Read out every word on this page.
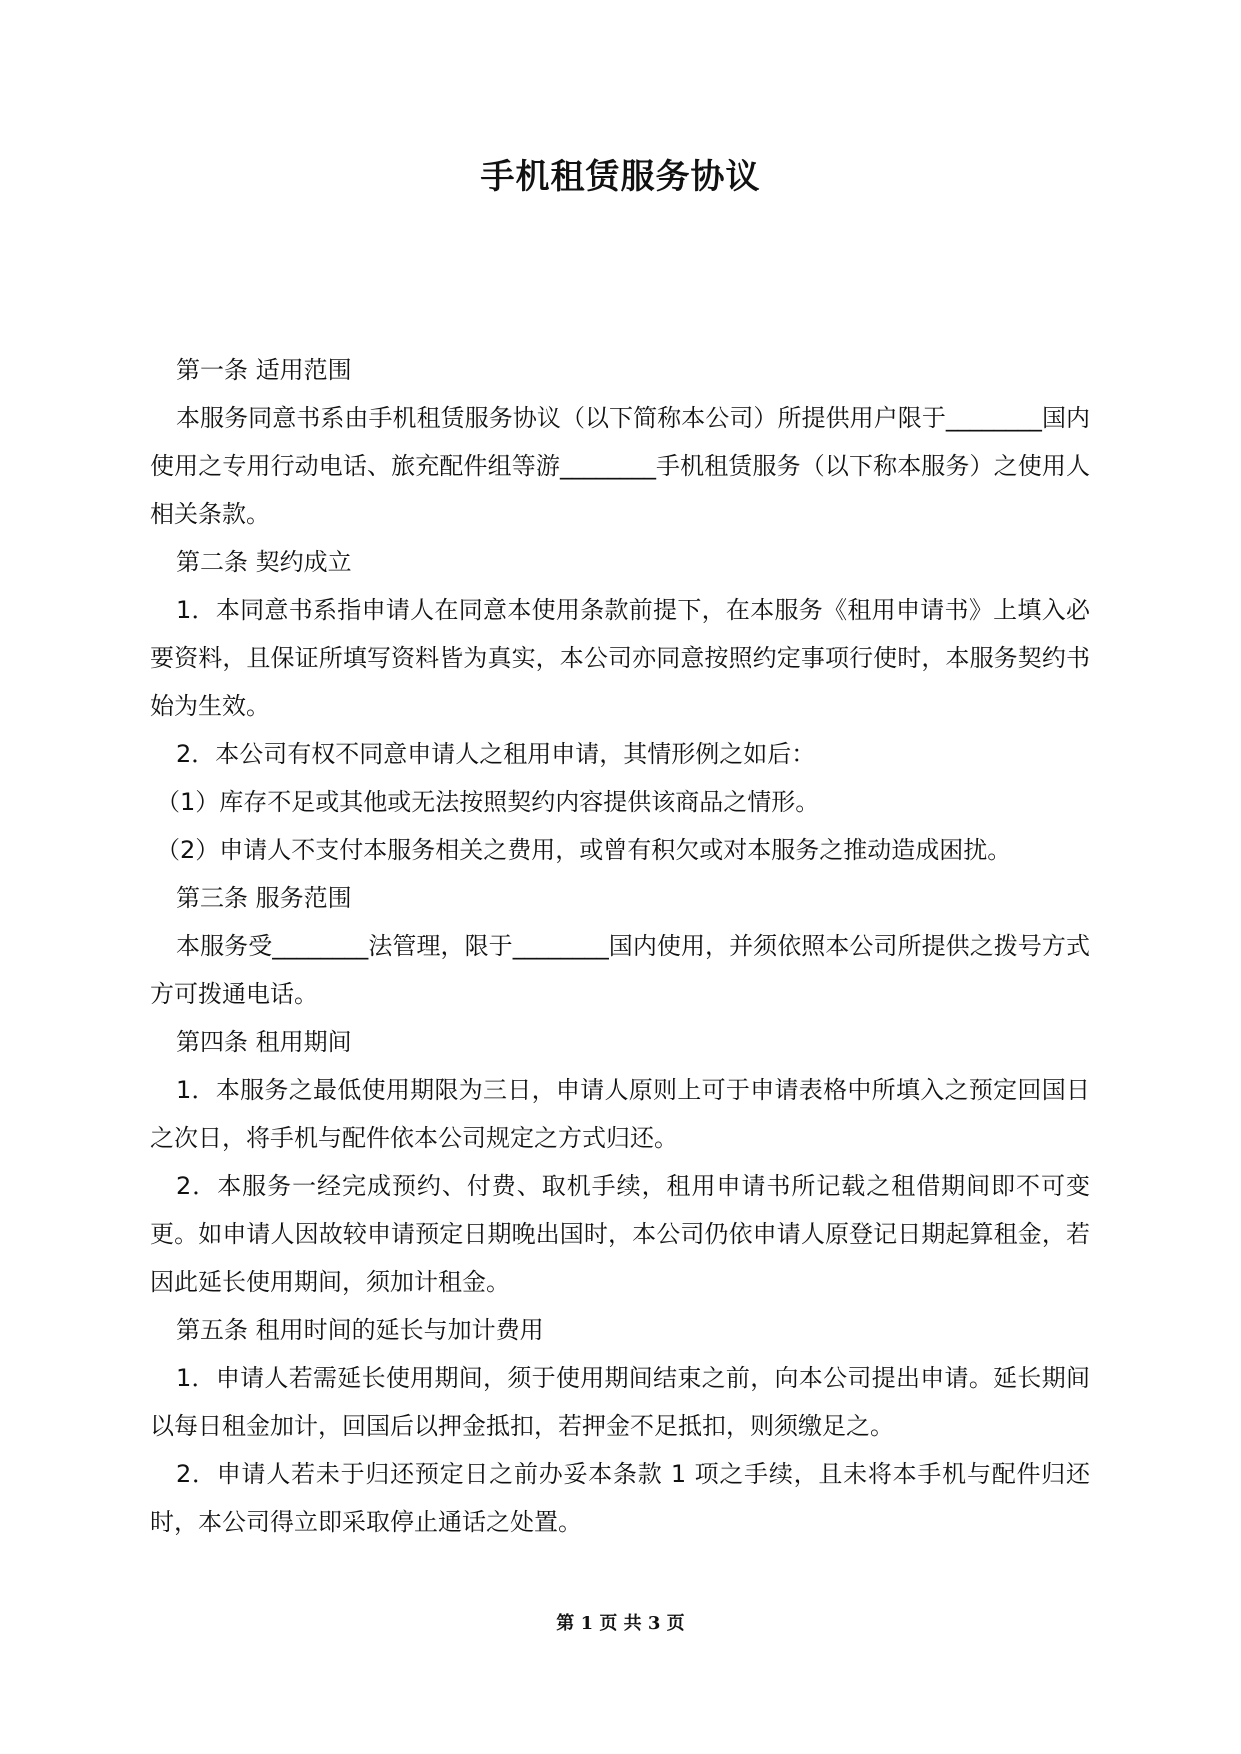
手机租赁服务协议

第一条 适用范围

本服务同意书系由手机租赁服务协议（以下简称本公司）所提供用户限于________国内使用之专用行动电话、旅充配件组等游________手机租赁服务（以下称本服务）之使用人相关条款。

第二条 契约成立

1．本同意书系指申请人在同意本使用条款前提下，在本服务《租用申请书》上填入必要资料，且保证所填写资料皆为真实，本公司亦同意按照约定事项行使时，本服务契约书始为生效。

2．本公司有权不同意申请人之租用申请，其情形例之如后：

（1）库存不足或其他或无法按照契约内容提供该商品之情形。

（2）申请人不支付本服务相关之费用，或曾有积欠或对本服务之推动造成困扰。

第三条 服务范围

本服务受________法管理，限于________国内使用，并须依照本公司所提供之拨号方式方可拨通电话。

第四条 租用期间

1．本服务之最低使用期限为三日，申请人原则上可于申请表格中所填入之预定回国日之次日，将手机与配件依本公司规定之方式归还。

2．本服务一经完成预约、付费、取机手续，租用申请书所记载之租借期间即不可变更。如申请人因故较申请预定日期晚出国时，本公司仍依申请人原登记日期起算租金，若因此延长使用期间，须加计租金。

第五条 租用时间的延长与加计费用

1．申请人若需延长使用期间，须于使用期间结束之前，向本公司提出申请。延长期间以每日租金加计，回国后以押金抵扣，若押金不足抵扣，则须缴足之。

2．申请人若未于归还预定日之前办妥本条款 1 项之手续，且未将本手机与配件归还时，本公司得立即采取停止通话之处置。

第 1 页 共 3 页
